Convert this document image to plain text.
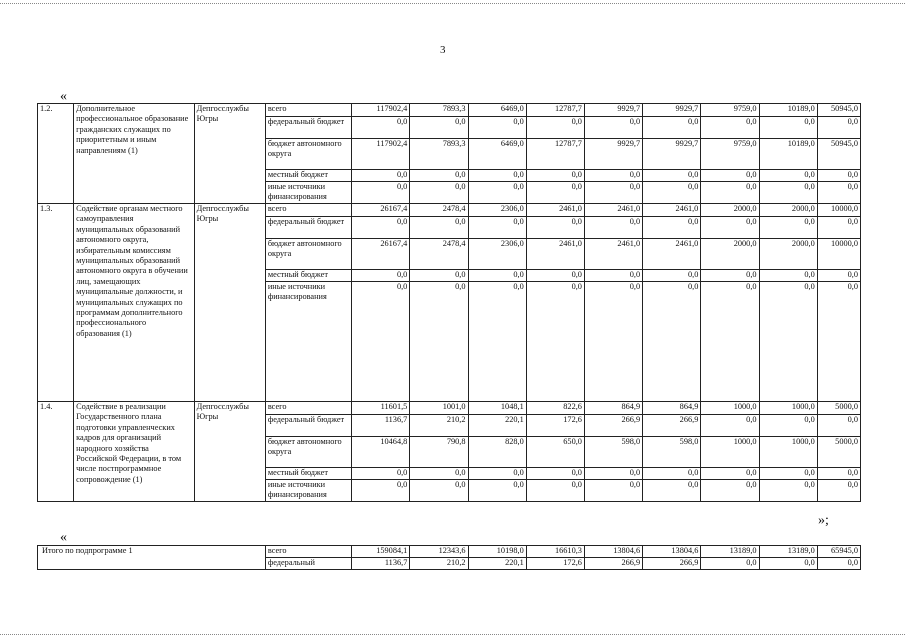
3
«
1.2.	Дополнительное профессиональное образование гражданских служащих по приоритетным и иным направлениям (1)	Депгосслужбы Югры	всего	117902,4	7893,3	6469,0	12787,7	9929,7	9929,7	9759,0	10189,0	50945,0
			федеральный бюджет	0,0	0,0	0,0	0,0	0,0	0,0	0,0	0,0	0,0
			бюджет автономного округа	117902,4	7893,3	6469,0	12787,7	9929,7	9929,7	9759,0	10189,0	50945,0
			местный бюджет	0,0	0,0	0,0	0,0	0,0	0,0	0,0	0,0	0,0
			иные источники финансирования	0,0	0,0	0,0	0,0	0,0	0,0	0,0	0,0	0,0
1.3.	Содействие органам местного самоуправления муниципальных образований автономного округа, избирательным комиссиям муниципальных образований автономного округа в обучении лиц, замещающих муниципальные должности, и муниципальных служащих по программам дополнительного профессионального образования (1)	Депгосслужбы Югры	всего	26167,4	2478,4	2306,0	2461,0	2461,0	2461,0	2000,0	2000,0	10000,0
			федеральный бюджет	0,0	0,0	0,0	0,0	0,0	0,0	0,0	0,0	0,0
			бюджет автономного округа	26167,4	2478,4	2306,0	2461,0	2461,0	2461,0	2000,0	2000,0	10000,0
			местный бюджет	0,0	0,0	0,0	0,0	0,0	0,0	0,0	0,0	0,0
			иные источники финансирования	0,0	0,0	0,0	0,0	0,0	0,0	0,0	0,0	0,0
1.4.	Содействие в реализации Государственного плана подготовки управленческих кадров для организаций народного хозяйства Российской Федерации, в том числе постпрограммное сопровождение (1)	Депгосслужбы Югры	всего	11601,5	1001,0	1048,1	822,6	864,9	864,9	1000,0	1000,0	5000,0
			федеральный бюджет	1136,7	210,2	220,1	172,6	266,9	266,9	0,0	0,0	0,0
			бюджет автономного округа	10464,8	790,8	828,0	650,0	598,0	598,0	1000,0	1000,0	5000,0
			местный бюджет	0,0	0,0	0,0	0,0	0,0	0,0	0,0	0,0	0,0
			иные источники финансирования	0,0	0,0	0,0	0,0	0,0	0,0	0,0	0,0	0,0
»;
«
Итого по подпрограмме 1	всего	159084,1	12343,6	10198,0	16610,3	13804,6	13804,6	13189,0	13189,0	65945,0
	федеральный	1136,7	210,2	220,1	172,6	266,9	266,9	0,0	0,0	0,0
